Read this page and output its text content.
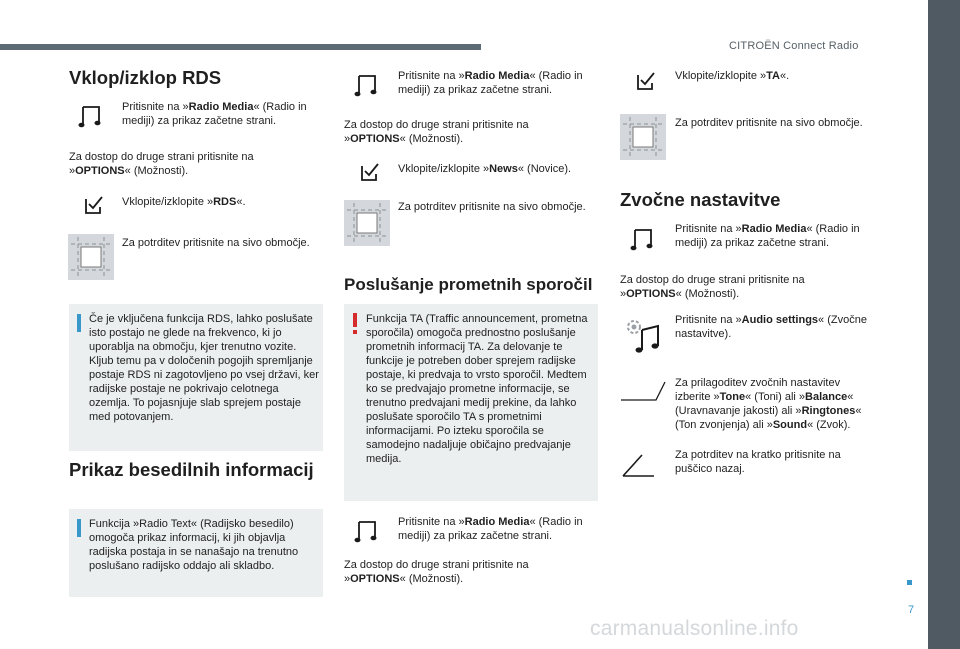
CITROËN Connect Radio
7
carmanualsonline.info
Vklop/izklop RDS
Pritisnite na »Radio Media« (Radio in mediji) za prikaz začetne strani.
Za dostop do druge strani pritisnite na »OPTIONS« (Možnosti).
Vklopite/izklopite »RDS«.
Za potrditev pritisnite na sivo območje.
Če je vključena funkcija RDS, lahko poslušate isto postajo ne glede na frekvenco, ki jo uporablja na območju, kjer trenutno vozite. Kljub temu pa v določenih pogojih spremljanje postaje RDS ni zagotovljeno po vsej državi, ker radijske postaje ne pokrivajo celotnega ozemlja. To pojasnjuje slab sprejem postaje med potovanjem.
Prikaz besedilnih informacij
Funkcija »Radio Text« (Radijsko besedilo) omogoča prikaz informacij, ki jih objavlja radijska postaja in se nanašajo na trenutno poslušano radijsko oddajo ali skladbo.
Pritisnite na »Radio Media« (Radio in mediji) za prikaz začetne strani.
Za dostop do druge strani pritisnite na »OPTIONS« (Možnosti).
Vklopite/izklopite »News« (Novice).
Za potrditev pritisnite na sivo območje.
Poslušanje prometnih sporočil
Funkcija TA (Traffic announcement, prometna sporočila) omogoča prednostno poslušanje prometnih informacij TA. Za delovanje te funkcije je potreben dober sprejem radijske postaje, ki predvaja to vrsto sporočil. Medtem ko se predvajajo prometne informacije, se trenutno predvajani medij prekine, da lahko poslušate sporočilo TA s prometnimi informacijami. Po izteku sporočila se samodejno nadaljuje običajno predvajanje medija.
Pritisnite na »Radio Media« (Radio in mediji) za prikaz začetne strani.
Za dostop do druge strani pritisnite na »OPTIONS« (Možnosti).
Vklopite/izklopite »TA«.
Za potrditev pritisnite na sivo območje.
Zvočne nastavitve
Pritisnite na »Radio Media« (Radio in mediji) za prikaz začetne strani.
Za dostop do druge strani pritisnite na »OPTIONS« (Možnosti).
Pritisnite na »Audio settings« (Zvočne nastavitve).
Za prilagoditev zvočnih nastavitev izberite »Tone« (Toni) ali »Balance« (Uravnavanje jakosti) ali »Ringtones« (Ton zvonjenja) ali »Sound« (Zvok).
Za potrditev na kratko pritisnite na puščico nazaj.
